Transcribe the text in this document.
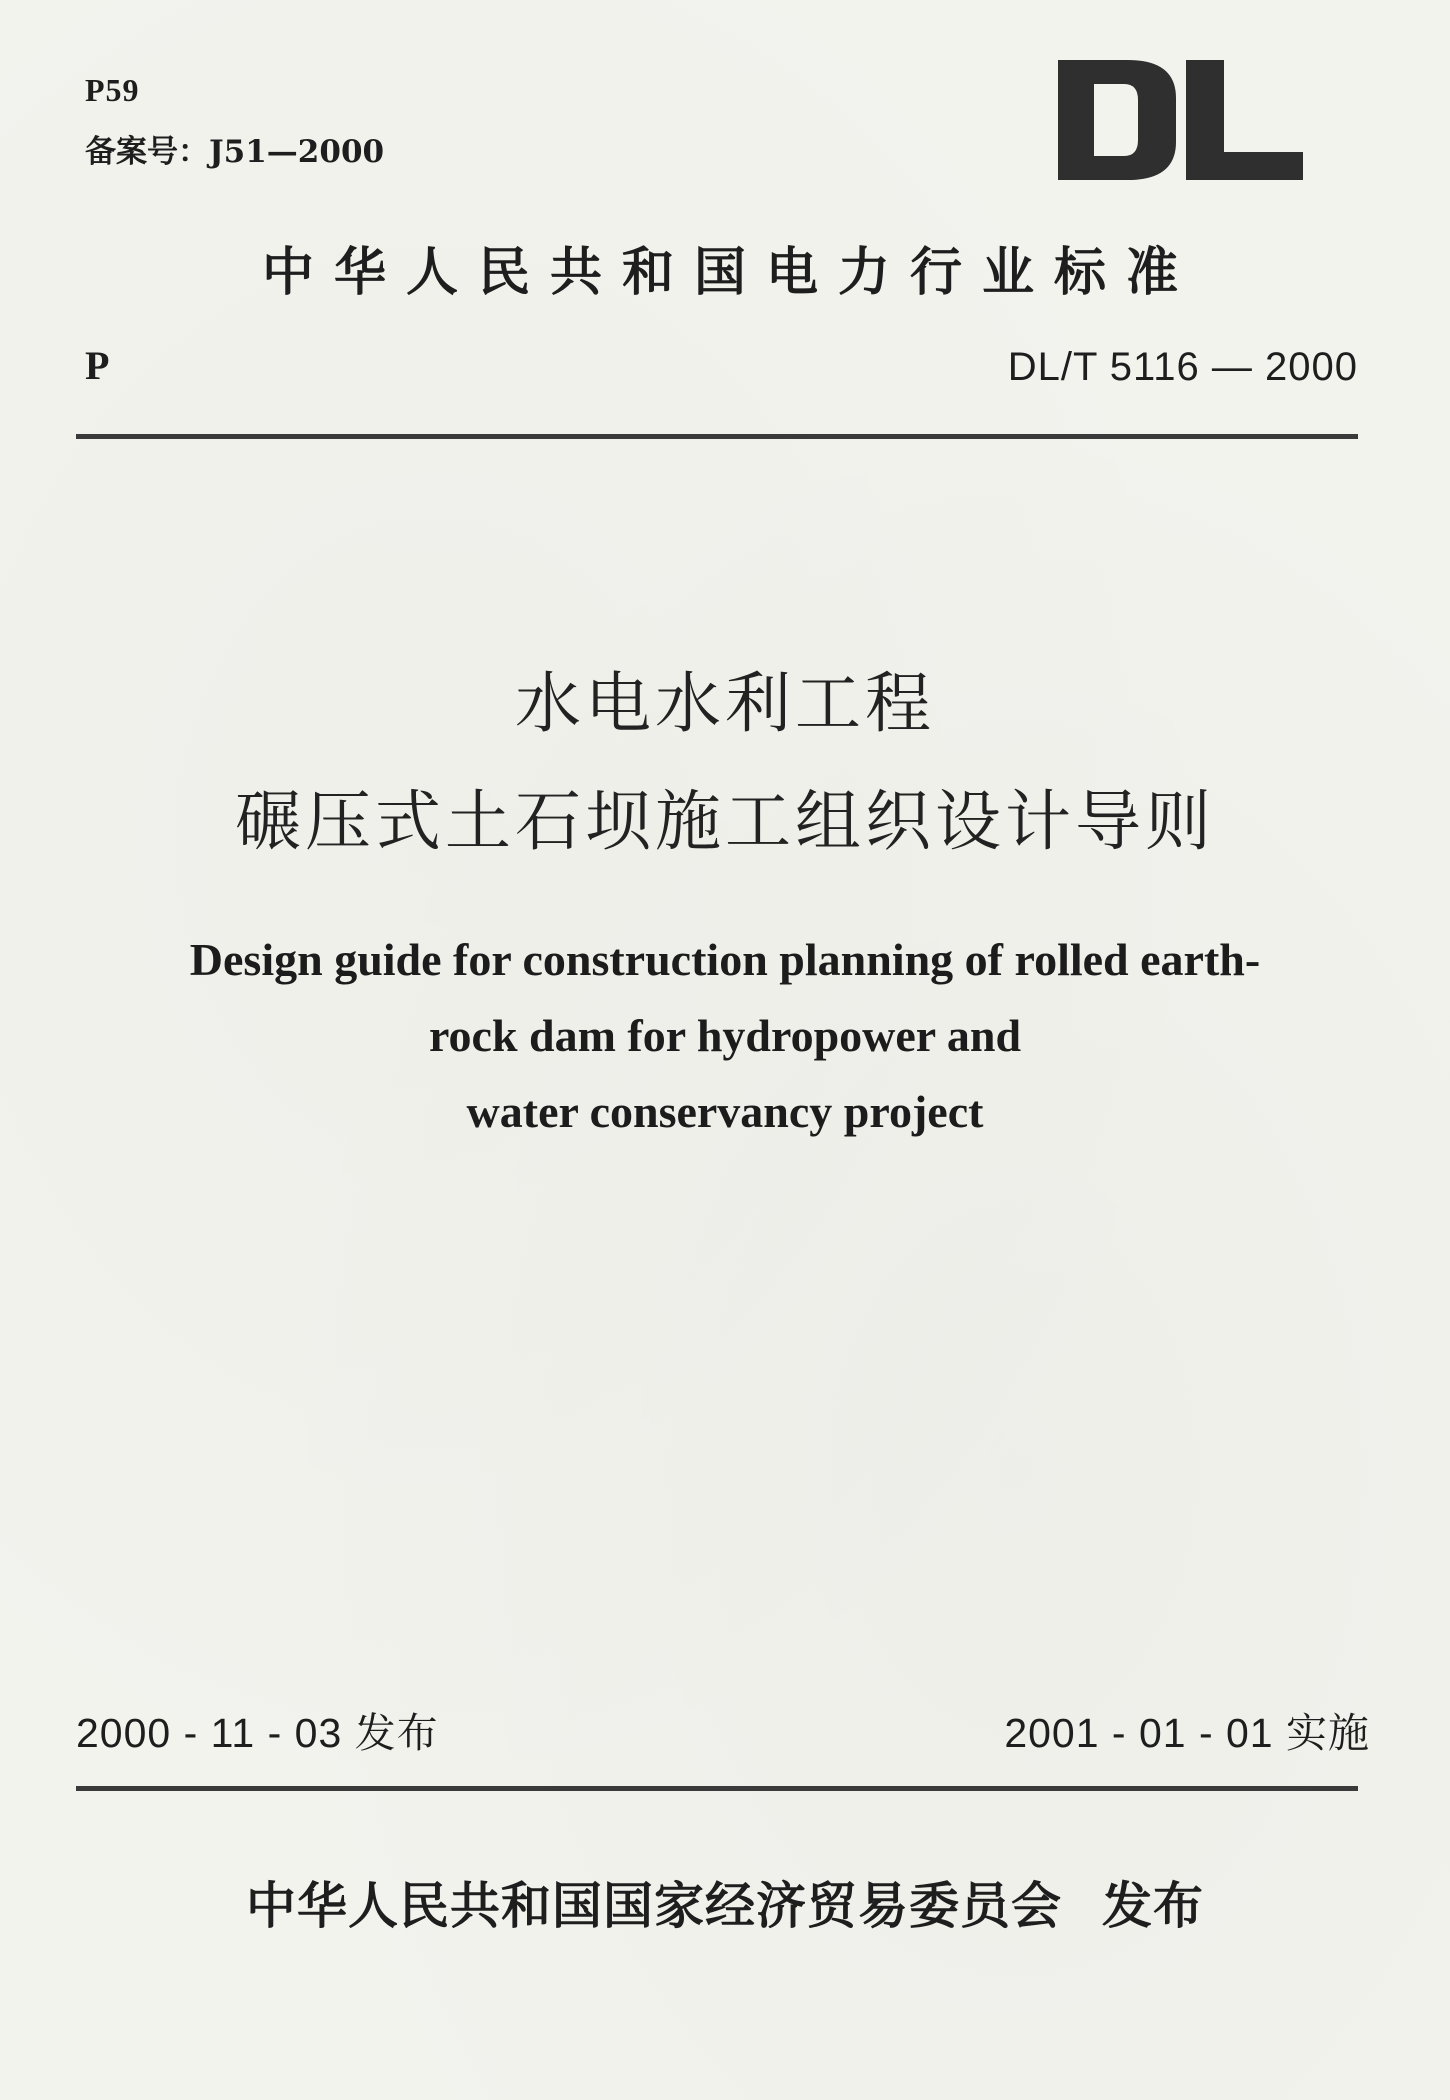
P59
备案号：J51—2000
中华人民共和国电力行业标准
P	DL/T 5116 — 2000
水电水利工程
碾压式土石坝施工组织设计导则
Design guide for construction planning of rolled earth-
rock dam for hydropower and
water conservancy project
2000 - 11 - 03 发布	2001 - 01 - 01 实施
中华人民共和国国家经济贸易委员会 发布
